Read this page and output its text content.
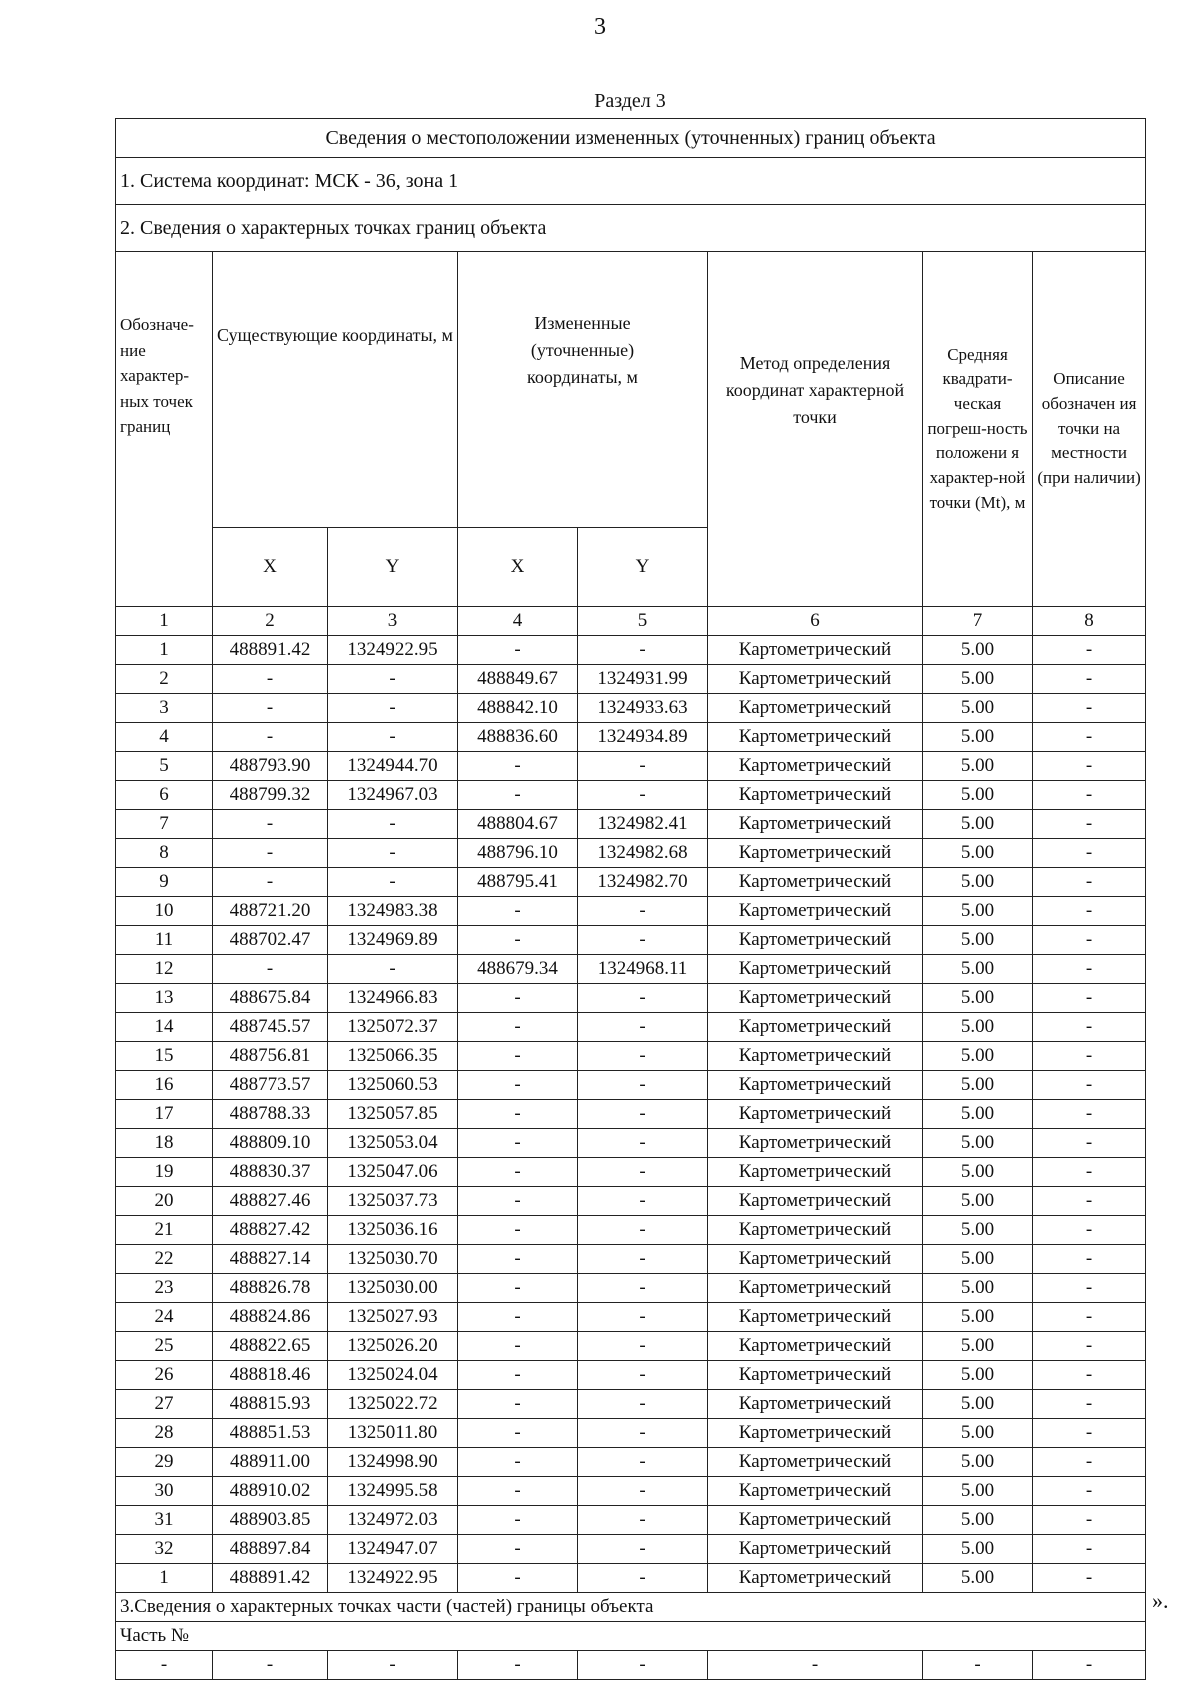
3
Раздел 3
Сведения о местоположении измененных (уточненных) границ объекта							
1. Система координат: МСК - 36, зона 1							
2. Сведения о характерных точках границ объекта							
Обозначе-ние характер-ных точек границ	Существующие координаты, м		Измененные (уточненные) координаты, м		Метод определения координат характерной точки	Средняя квадрати-ческая погреш-ность положени я характер-ной точки (Mt), м	Описание обозначен ия точки на местности (при наличии)
	X	Y	X	Y			
1	2	3	4	5	6	7	8
1	488891.42	1324922.95	-	-	Картометрический	5.00	-
2	-	-	488849.67	1324931.99	Картометрический	5.00	-
3	-	-	488842.10	1324933.63	Картометрический	5.00	-
4	-	-	488836.60	1324934.89	Картометрический	5.00	-
5	488793.90	1324944.70	-	-	Картометрический	5.00	-
6	488799.32	1324967.03	-	-	Картометрический	5.00	-
7	-	-	488804.67	1324982.41	Картометрический	5.00	-
8	-	-	488796.10	1324982.68	Картометрический	5.00	-
9	-	-	488795.41	1324982.70	Картометрический	5.00	-
10	488721.20	1324983.38	-	-	Картометрический	5.00	-
11	488702.47	1324969.89	-	-	Картометрический	5.00	-
12	-	-	488679.34	1324968.11	Картометрический	5.00	-
13	488675.84	1324966.83	-	-	Картометрический	5.00	-
14	488745.57	1325072.37	-	-	Картометрический	5.00	-
15	488756.81	1325066.35	-	-	Картометрический	5.00	-
16	488773.57	1325060.53	-	-	Картометрический	5.00	-
17	488788.33	1325057.85	-	-	Картометрический	5.00	-
18	488809.10	1325053.04	-	-	Картометрический	5.00	-
19	488830.37	1325047.06	-	-	Картометрический	5.00	-
20	488827.46	1325037.73	-	-	Картометрический	5.00	-
21	488827.42	1325036.16	-	-	Картометрический	5.00	-
22	488827.14	1325030.70	-	-	Картометрический	5.00	-
23	488826.78	1325030.00	-	-	Картометрический	5.00	-
24	488824.86	1325027.93	-	-	Картометрический	5.00	-
25	488822.65	1325026.20	-	-	Картометрический	5.00	-
26	488818.46	1325024.04	-	-	Картометрический	5.00	-
27	488815.93	1325022.72	-	-	Картометрический	5.00	-
28	488851.53	1325011.80	-	-	Картометрический	5.00	-
29	488911.00	1324998.90	-	-	Картометрический	5.00	-
30	488910.02	1324995.58	-	-	Картометрический	5.00	-
31	488903.85	1324972.03	-	-	Картометрический	5.00	-
32	488897.84	1324947.07	-	-	Картометрический	5.00	-
1	488891.42	1324922.95	-	-	Картометрический	5.00	-
3.Сведения о характерных точках части (частей) границы объекта							
Часть №							
-	-	-	-	-	-	-	-
».
